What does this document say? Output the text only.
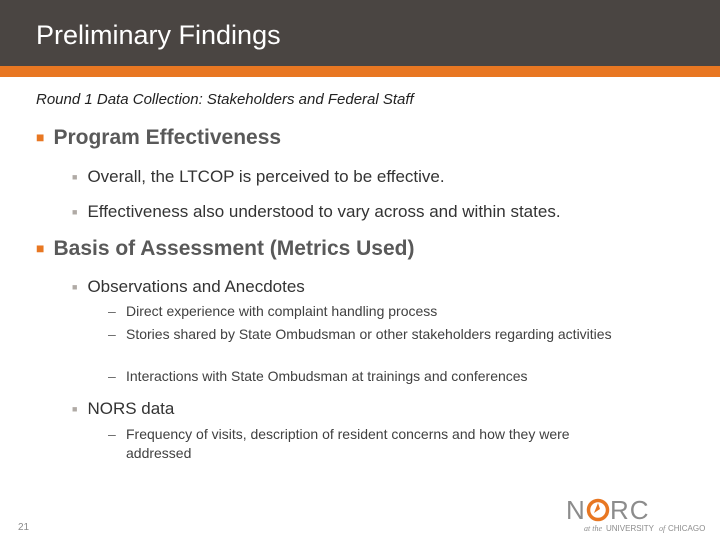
Preliminary Findings
Round 1 Data Collection: Stakeholders and Federal Staff
■ Program Effectiveness
■ Overall, the LTCOP is perceived to be effective.
■ Effectiveness also understood to vary across and within states.
■ Basis of Assessment (Metrics Used)
■ Observations and Anecdotes
– Direct experience with complaint handling process
– Stories shared by State Ombudsman or other stakeholders regarding activities
– Interactions with State Ombudsman at trainings and conferences
■ NORS data
– Frequency of visits, description of resident concerns and how they were addressed
21
N RC
at the UNIVERSITY of CHICAGO
